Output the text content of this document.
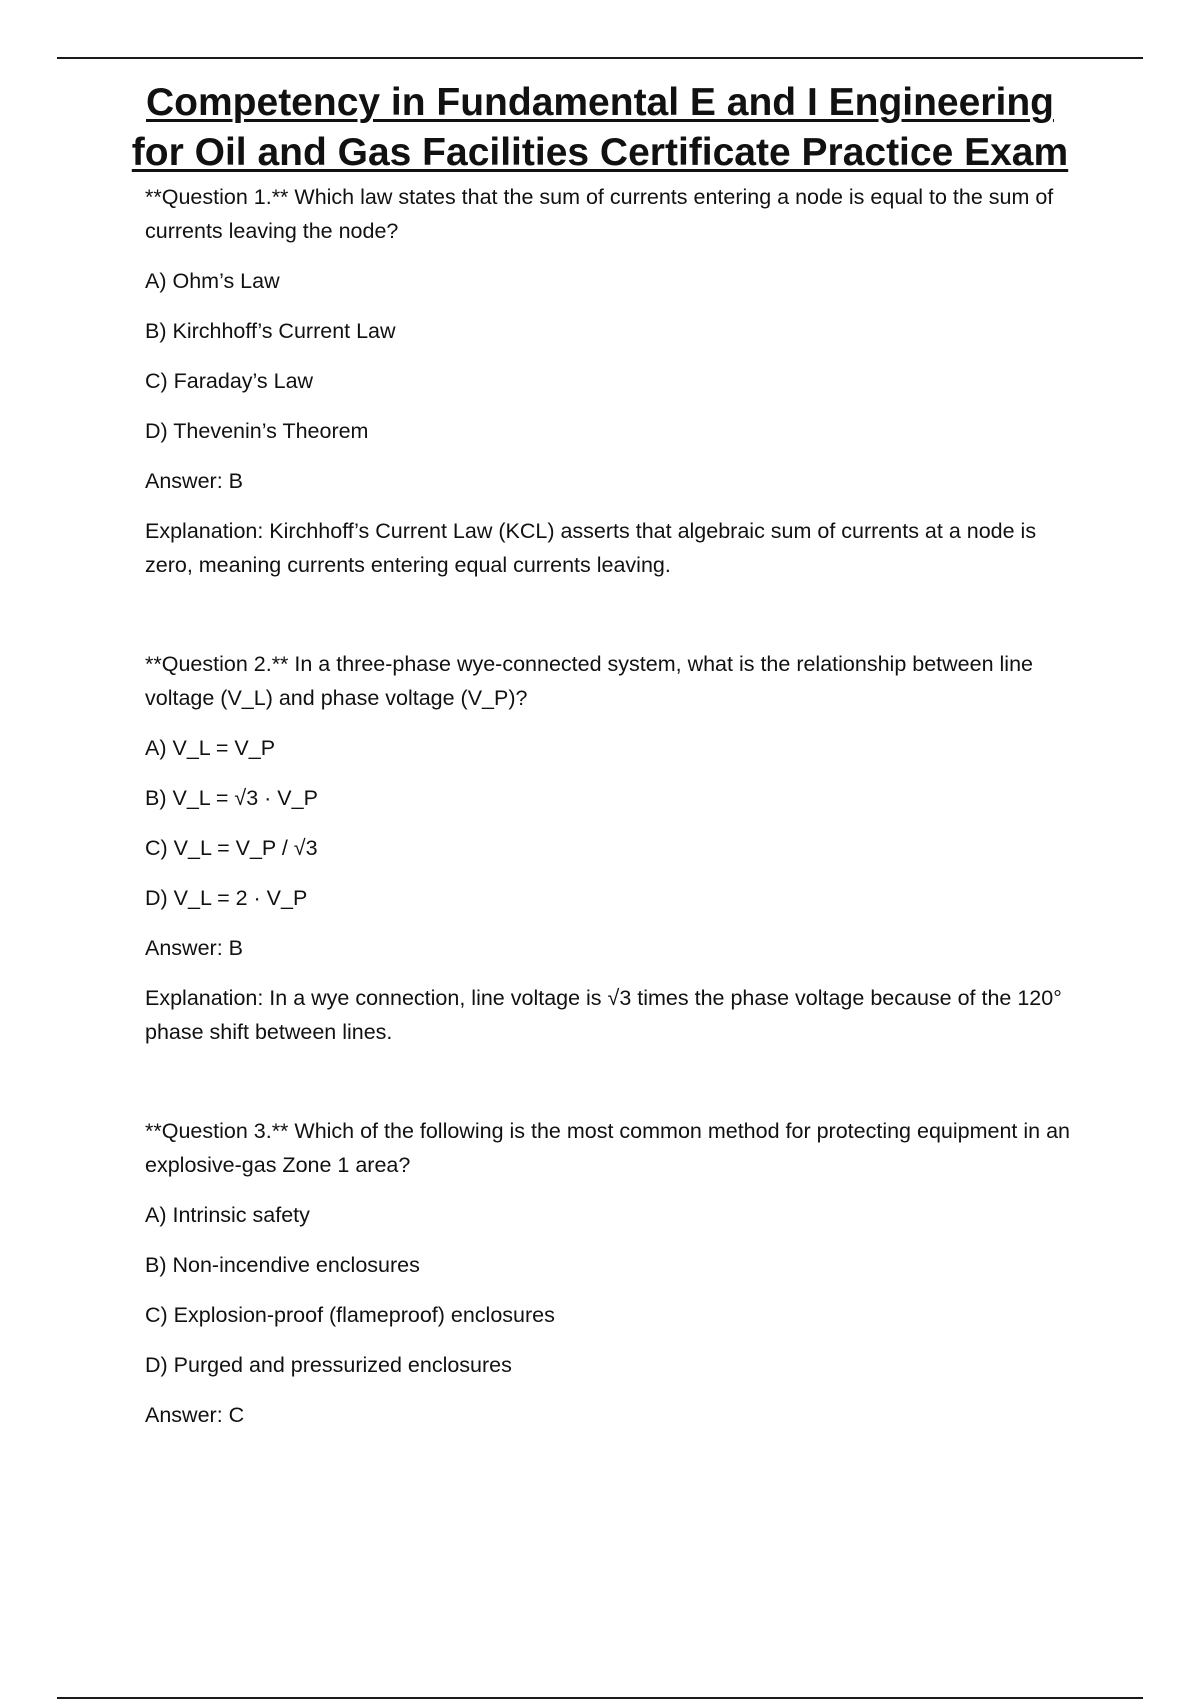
Competency in Fundamental E and I Engineering
for Oil and Gas Facilities Certificate Practice Exam

**Question 1.** Which law states that the sum of currents entering a node is equal to the sum of currents leaving the node?

A) Ohm’s Law

B) Kirchhoff’s Current Law

C) Faraday’s Law

D) Thevenin’s Theorem

Answer: B

Explanation: Kirchhoff’s Current Law (KCL) asserts that algebraic sum of currents at a node is zero, meaning currents entering equal currents leaving.

**Question 2.** In a three-phase wye-connected system, what is the relationship between line voltage (V_L) and phase voltage (V_P)?

A) V_L = V_P

B) V_L = √3 · V_P

C) V_L = V_P / √3

D) V_L = 2 · V_P

Answer: B

Explanation: In a wye connection, line voltage is √3 times the phase voltage because of the 120° phase shift between lines.

**Question 3.** Which of the following is the most common method for protecting equipment in an explosive-gas Zone 1 area?

A) Intrinsic safety

B) Non-incendive enclosures

C) Explosion-proof (flameproof) enclosures

D) Purged and pressurized enclosures

Answer: C
